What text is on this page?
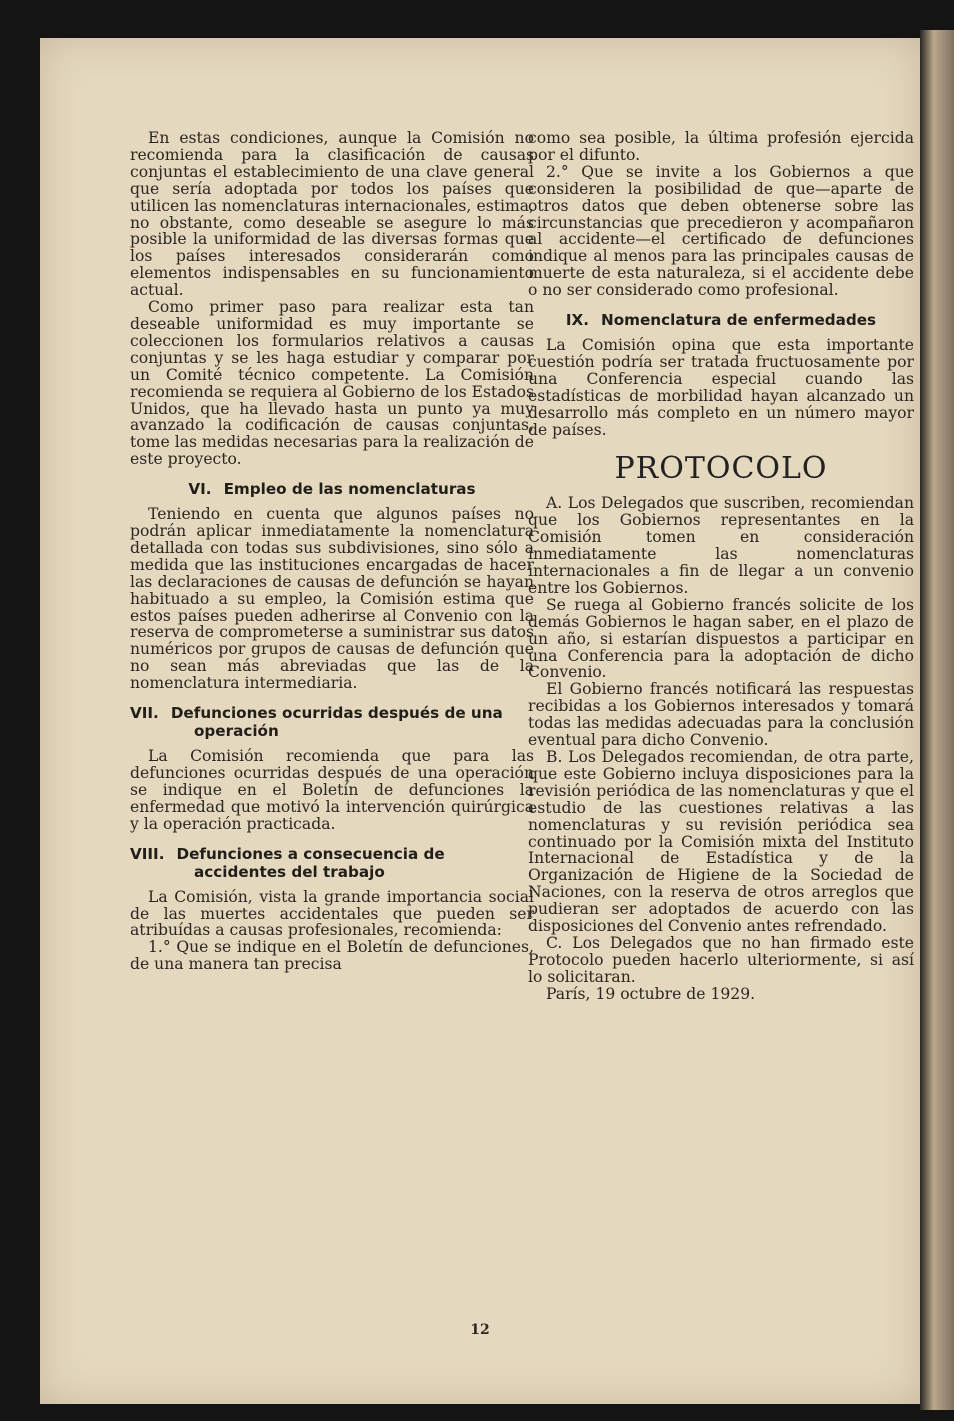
En estas condiciones, aunque la Comisión no recomienda para la clasificación de causas conjuntas el establecimiento de una clave general que sería adoptada por todos los países que utilicen las nomenclaturas internacionales, estima, no obstante, como deseable se asegure lo más posible la uniformidad de las diversas formas que los países interesados considerarán como elementos indispensables en su funcionamiento actual.

Como primer paso para realizar esta tan deseable uniformidad es muy importante se coleccionen los formularios relativos a causas conjuntas y se les haga estudiar y comparar por un Comité técnico competente. La Comisión recomienda se requiera al Gobierno de los Estados Unidos, que ha llevado hasta un punto ya muy avanzado la codificación de causas conjuntas, tome las medidas necesarias para la realización de este proyecto.

VI. Empleo de las nomenclaturas

Teniendo en cuenta que algunos países no podrán aplicar inmediatamente la nomenclatura detallada con todas sus subdivisiones, sino sólo a medida que las instituciones encargadas de hacer las declaraciones de causas de defunción se hayan habituado a su empleo, la Comisión estima que estos países pueden adherirse al Convenio con la reserva de comprometerse a suministrar sus datos numéricos por grupos de causas de defunción que no sean más abreviadas que las de la nomenclatura intermediaria.

VII. Defunciones ocurridas después de una operación

La Comisión recomienda que para las defunciones ocurridas después de una operación se indique en el Boletín de defunciones la enfermedad que motivó la intervención quirúrgica y la operación practicada.

VIII. Defunciones a consecuencia de accidentes del trabajo

La Comisión, vista la grande importancia social de las muertes accidentales que pueden ser atribuídas a causas profesionales, recomienda:

1.° Que se indique en el Boletín de defunciones, de una manera tan precisa

como sea posible, la última profesión ejercida por el difunto.

2.° Que se invite a los Gobiernos a que consideren la posibilidad de que—aparte de otros datos que deben obtenerse sobre las circunstancias que precedieron y acompañaron al accidente—el certificado de defunciones indique al menos para las principales causas de muerte de esta naturaleza, si el accidente debe o no ser considerado como profesional.

IX. Nomenclatura de enfermedades

La Comisión opina que esta importante cuestión podría ser tratada fructuosamente por una Conferencia especial cuando las estadísticas de morbilidad hayan alcanzado un desarrollo más completo en un número mayor de países.

PROTOCOLO

A. Los Delegados que suscriben, recomiendan que los Gobiernos representantes en la Comisión tomen en consideración inmediatamente las nomenclaturas internacionales a fin de llegar a un convenio entre los Gobiernos.

Se ruega al Gobierno francés solicite de los demás Gobiernos le hagan saber, en el plazo de un año, si estarían dispuestos a participar en una Conferencia para la adoptación de dicho Convenio.

El Gobierno francés notificará las respuestas recibidas a los Gobiernos interesados y tomará todas las medidas adecuadas para la conclusión eventual para dicho Convenio.

B. Los Delegados recomiendan, de otra parte, que este Gobierno incluya disposiciones para la revisión periódica de las nomenclaturas y que el estudio de las cuestiones relativas a las nomenclaturas y su revisión periódica sea continuado por la Comisión mixta del Instituto Internacional de Estadística y de la Organización de Higiene de la Sociedad de Naciones, con la reserva de otros arreglos que pudieran ser adoptados de acuerdo con las disposiciones del Convenio antes refrendado.

C. Los Delegados que no han firmado este Protocolo pueden hacerlo ulteriormente, si así lo solicitaran.

París, 19 octubre de 1929.

12
